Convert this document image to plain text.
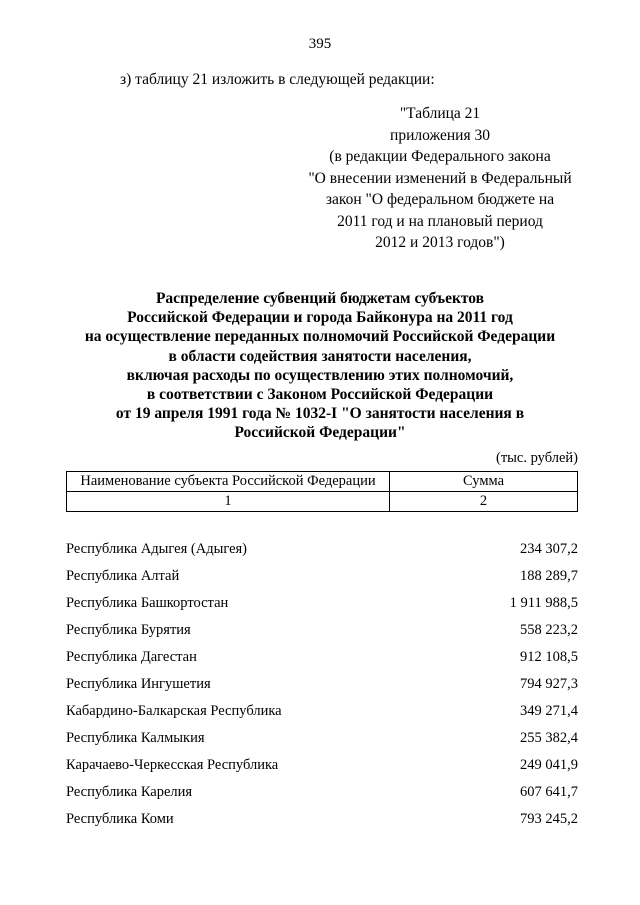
395
з) таблицу 21 изложить в следующей редакции:
"Таблица 21
приложения 30
(в редакции Федерального закона
"О внесении изменений в Федеральный
закон "О федеральном бюджете на
2011 год и на плановый период
2012 и 2013 годов")
Распределение субвенций бюджетам субъектов
Российской Федерации и города Байконура на 2011 год
на осуществление переданных полномочий Российской Федерации
в области содействия занятости населения,
включая расходы по осуществлению этих полномочий,
в соответствии с Законом Российской Федерации
от 19 апреля 1991 года № 1032-I "О занятости населения в
Российской Федерации"
(тыс. рублей)
Наименование субъекта Российской Федерации	Сумма
1	2
Республика Адыгея (Адыгея)	234 307,2
Республика Алтай	188 289,7
Республика Башкортостан	1 911 988,5
Республика Бурятия	558 223,2
Республика Дагестан	912 108,5
Республика Ингушетия	794 927,3
Кабардино-Балкарская Республика	349 271,4
Республика Калмыкия	255 382,4
Карачаево-Черкесская Республика	249 041,9
Республика Карелия	607 641,7
Республика Коми	793 245,2
